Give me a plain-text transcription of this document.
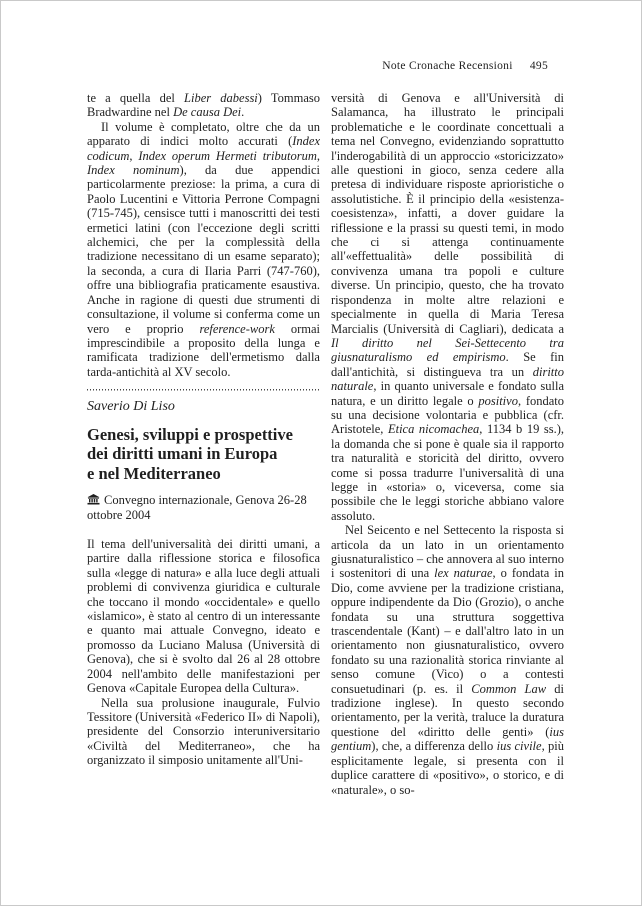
Note Cronache Recensioni	495

te a quella del Liber dabessi) Tommaso Bradwardine nel De causa Dei.

Il volume è completato, oltre che da un apparato di indici molto accurati (Index codicum, Index operum Hermeti tributorum, Index nominum), da due appendici particolarmente preziose: la prima, a cura di Paolo Lucentini e Vittoria Perrone Compagni (715-745), censisce tutti i manoscritti dei testi ermetici latini (con l'eccezione degli scritti alchemici, che per la complessità della tradizione necessitano di un esame separato); la seconda, a cura di Ilaria Parri (747-760), offre una bibliografia praticamente esaustiva. Anche in ragione di questi due strumenti di consultazione, il volume si conferma come un vero e proprio reference-work ormai imprescindibile a proposito della lunga e ramificata tradizione dell'ermetismo dalla tarda-antichità al XV secolo.

Saverio Di Liso
Genesi, sviluppi e prospettive
dei diritti umani in Europa
e nel Mediterraneo
Convegno internazionale, Genova 26-28 ottobre 2004

Il tema dell'universalità dei diritti umani, a partire dalla riflessione storica e filosofica sulla «legge di natura» e alla luce degli attuali problemi di convivenza giuridica e culturale che toccano il mondo «occidentale» e quello «islamico», è stato al centro di un interessante e quanto mai attuale Convegno, ideato e promosso da Luciano Malusa (Università di Genova), che si è svolto dal 26 al 28 ottobre 2004 nell'ambito delle manifestazioni per Genova «Capitale Europea della Cultura».

Nella sua prolusione inaugurale, Fulvio Tessitore (Università «Federico II» di Napoli), presidente del Consorzio interuniversitario «Civiltà del Mediterraneo», che ha organizzato il simposio unitamente all'Uni-

versità di Genova e all'Università di Salamanca, ha illustrato le principali problematiche e le coordinate concettuali a tema nel Convegno, evidenziando soprattutto l'inderogabilità di un approccio «storicizzato» alle questioni in gioco, senza cedere alla pretesa di individuare risposte aprioristiche o assolutistiche. È il principio della «esistenza-coesistenza», infatti, a dover guidare la riflessione e la prassi su questi temi, in modo che ci si attenga continuamente all'«effettualità» delle possibilità di convivenza umana tra popoli e culture diverse. Un principio, questo, che ha trovato rispondenza in molte altre relazioni e specialmente in quella di Maria Teresa Marcialis (Università di Cagliari), dedicata a Il diritto nel Sei-Settecento tra giusnaturalismo ed empirismo. Se fin dall'antichità, si distingueva tra un diritto naturale, in quanto universale e fondato sulla natura, e un diritto legale o positivo, fondato su una decisione volontaria e pubblica (cfr. Aristotele, Etica nicomachea, 1134 b 19 ss.), la domanda che si pone è quale sia il rapporto tra naturalità e storicità del diritto, ovvero come si possa tradurre l'universalità di una legge in «storia» o, viceversa, come sia possibile che le leggi storiche abbiano valore assoluto.

Nel Seicento e nel Settecento la risposta si articola da un lato in un orientamento giusnaturalistico – che annovera al suo interno i sostenitori di una lex naturae, o fondata in Dio, come avviene per la tradizione cristiana, oppure indipendente da Dio (Grozio), o anche fondata su una struttura soggettiva trascendentale (Kant) – e dall'altro lato in un orientamento non giusnaturalistico, ovvero fondato su una razionalità storica rinviante al senso comune (Vico) o a contesti consuetudinari (p. es. il Common Law di tradizione inglese). In questo secondo orientamento, per la verità, traluce la duratura questione del «diritto delle genti» (ius gentium), che, a differenza dello ius civile, più esplicitamente legale, si presenta con il duplice carattere di «positivo», o storico, e di «naturale», o so-
